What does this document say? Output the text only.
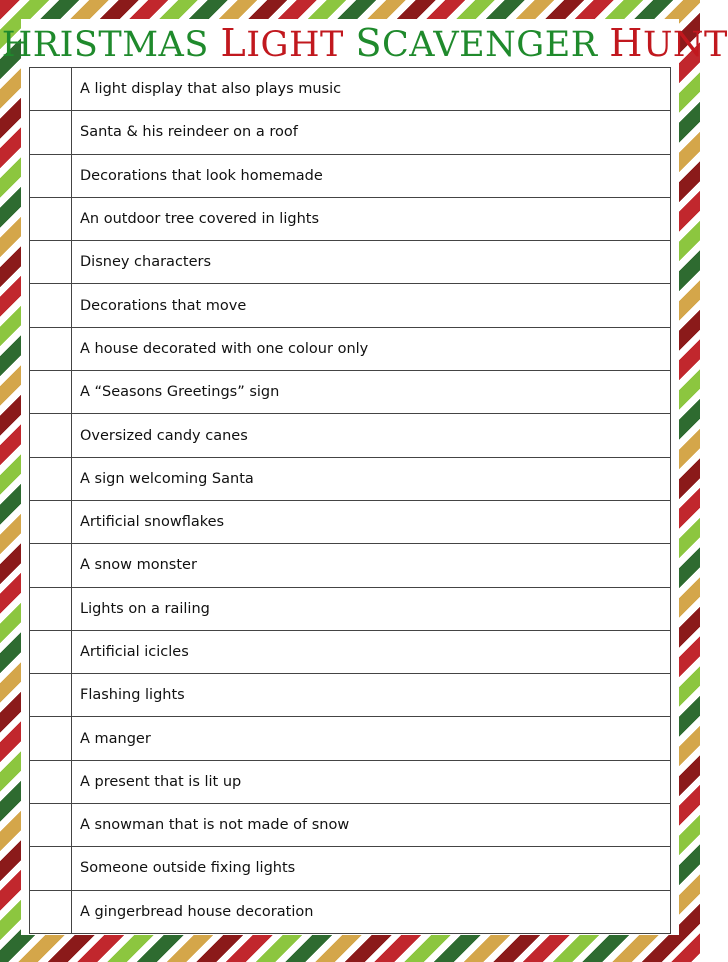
HRISTMAS
LIGHT
SCAVENGER
HUNT
A light display that also plays music
Santa & his reindeer on a roof
Decorations that look homemade
An outdoor tree covered in lights
Disney characters
Decorations that move
A house decorated with one colour only
A “Seasons Greetings” sign
Oversized candy canes
A sign welcoming Santa
Artificial snowflakes
A snow monster
Lights on a railing
Artificial icicles
Flashing lights
A manger
A present that is lit up
A snowman that is not made of snow
Someone outside fixing lights
A gingerbread house decoration
